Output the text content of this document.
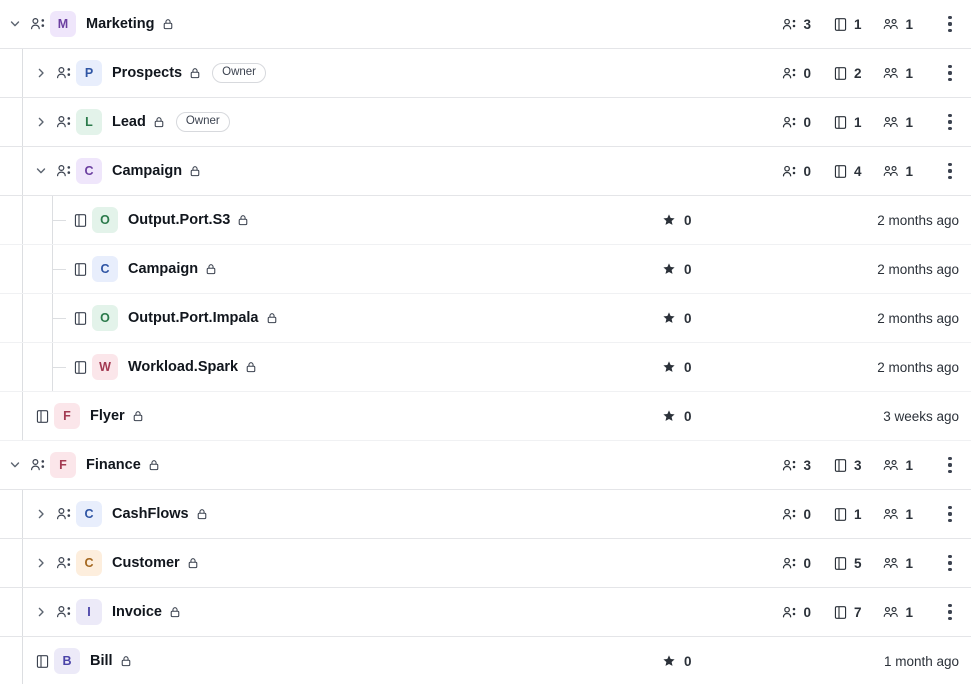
M	Marketing	3	1	1
P	Prospects	Owner	0	2	1
L	Lead	Owner	0	1	1
C	Campaign	0	4	1
O	Output.Port.S3	0	2 months ago
C	Campaign	0	2 months ago
O	Output.Port.Impala	0	2 months ago
W	Workload.Spark	0	2 months ago
F	Flyer	0	3 weeks ago
F	Finance	3	3	1
C	CashFlows	0	1	1
C	Customer	0	5	1
I	Invoice	0	7	1
B	Bill	0	1 month ago
